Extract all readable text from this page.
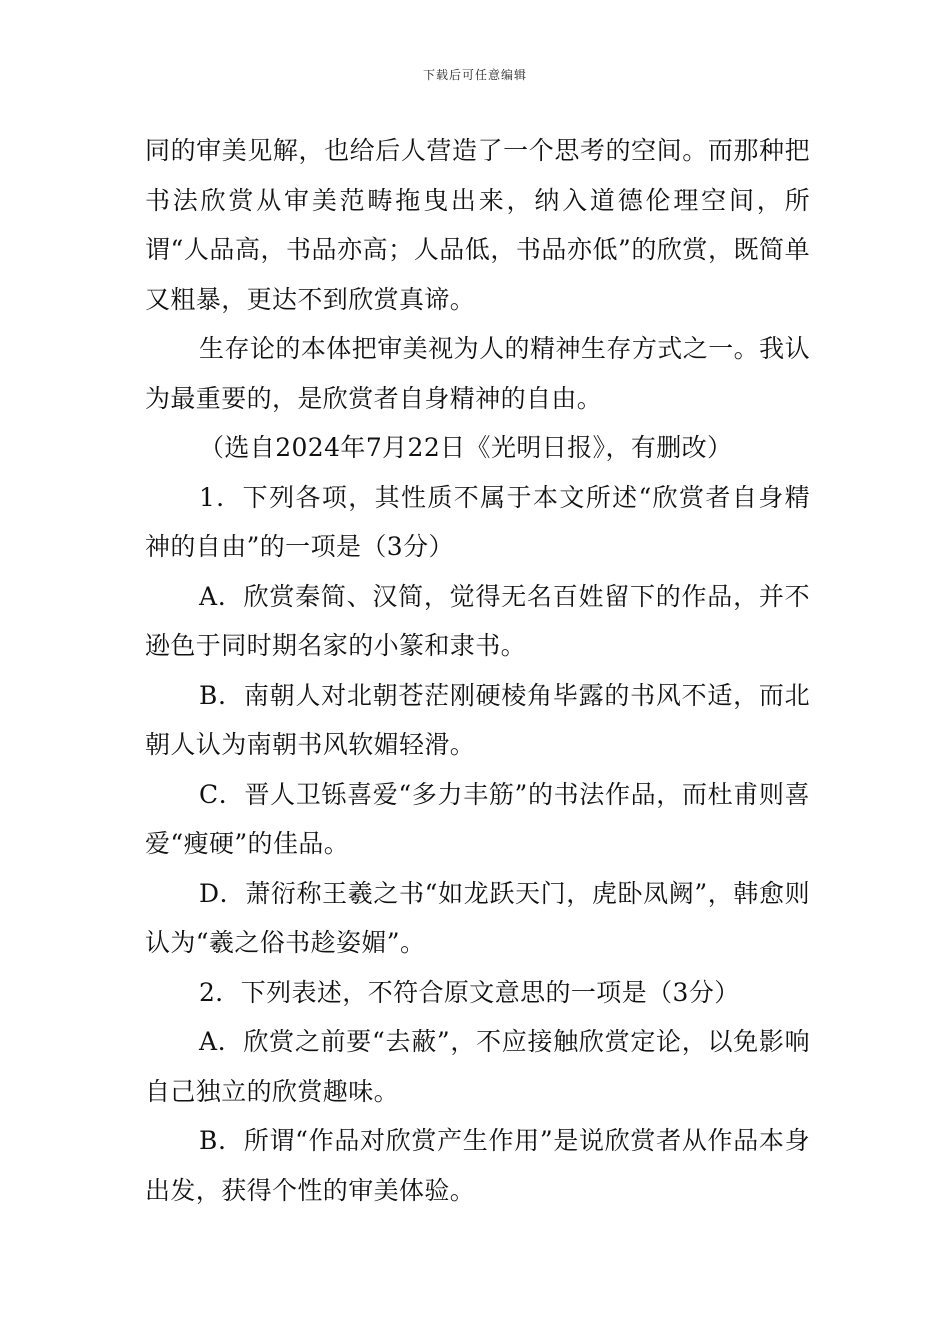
下载后可任意编辑

同的审美见解，也给后人营造了一个思考的空间。而那种把书法欣赏从审美范畴拖曳出来，纳入道德伦理空间，所谓“人品高，书品亦高；人品低，书品亦低”的欣赏，既简单又粗暴，更达不到欣赏真谛。

生存论的本体把审美视为人的精神生存方式之一。我认为最重要的，是欣赏者自身精神的自由。

（选自2024年7月22日《光明日报》，有删改）

1．下列各项，其性质不属于本文所述“欣赏者自身精神的自由”的一项是（3分）

A．欣赏秦简、汉简，觉得无名百姓留下的作品，并不逊色于同时期名家的小篆和隶书。

B．南朝人对北朝苍茫刚硬棱角毕露的书风不适，而北朝人认为南朝书风软媚轻滑。

C．晋人卫铄喜爱“多力丰筋”的书法作品，而杜甫则喜爱“瘦硬”的佳品。

D．萧衍称王羲之书“如龙跃天门，虎卧凤阙”，韩愈则认为“羲之俗书趁姿媚”。

2．下列表述，不符合原文意思的一项是（3分）

A．欣赏之前要“去蔽”，不应接触欣赏定论，以免影响自己独立的欣赏趣味。

B．所谓“作品对欣赏产生作用”是说欣赏者从作品本身出发，获得个性的审美体验。
